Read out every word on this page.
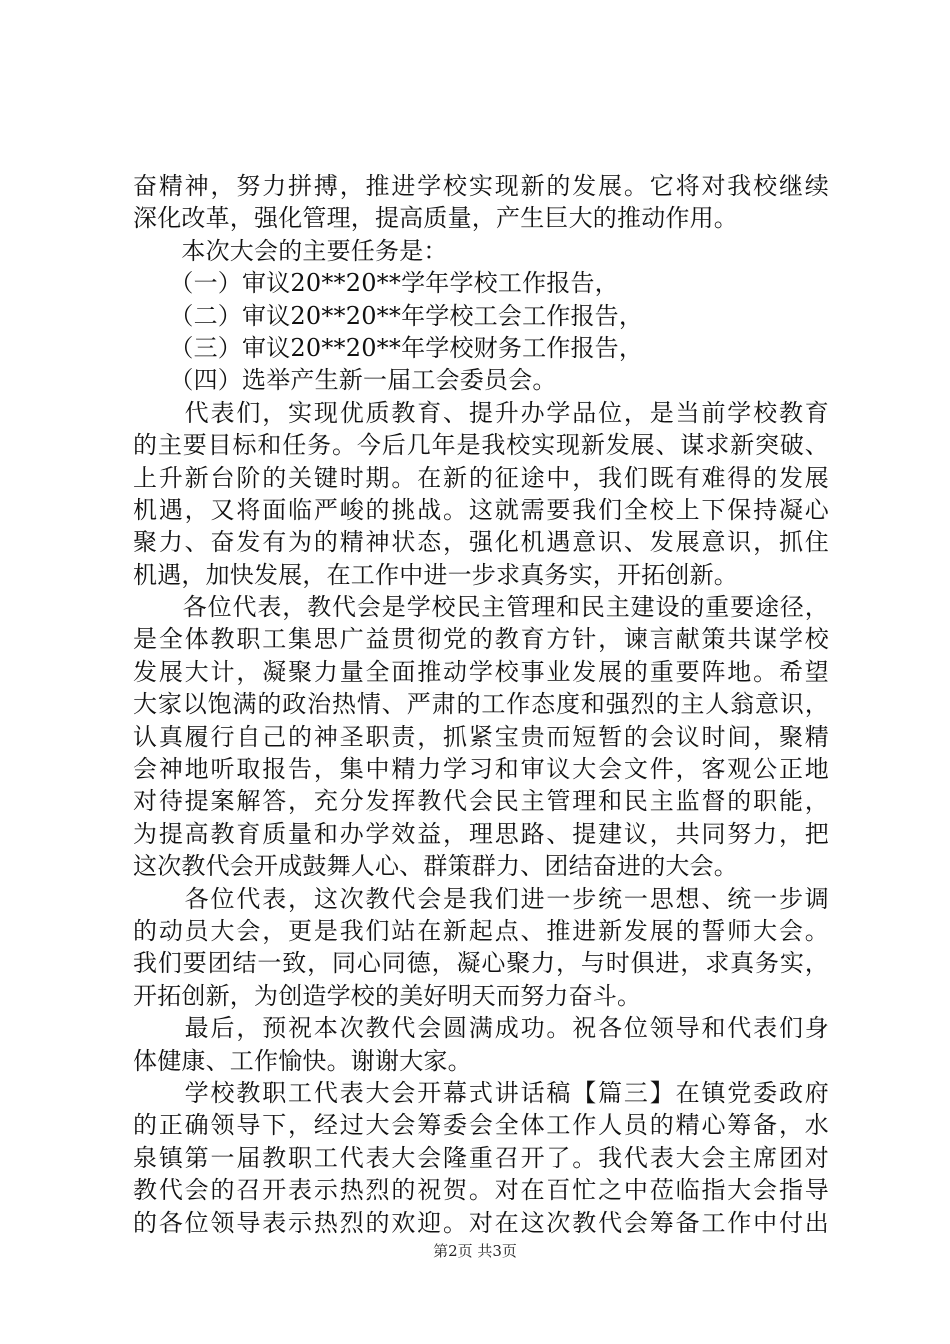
奋精神，努力拼搏，推进学校实现新的发展。它将对我校继续
深化改革，强化管理，提高质量，产生巨大的推动作用。
　　本次大会的主要任务是：
　　（一）审议20**20**学年学校工作报告，
　　（二）审议20**20**年学校工会工作报告，
　　（三）审议20**20**年学校财务工作报告，
　　（四）选举产生新一届工会委员会。
　　代表们，实现优质教育、提升办学品位，是当前学校教育
的主要目标和任务。今后几年是我校实现新发展、谋求新突破、
上升新台阶的关键时期。在新的征途中，我们既有难得的发展
机遇，又将面临严峻的挑战。这就需要我们全校上下保持凝心
聚力、奋发有为的精神状态，强化机遇意识、发展意识，抓住
机遇，加快发展，在工作中进一步求真务实，开拓创新。
　　各位代表，教代会是学校民主管理和民主建设的重要途径，
是全体教职工集思广益贯彻党的教育方针，谏言献策共谋学校
发展大计，凝聚力量全面推动学校事业发展的重要阵地。希望
大家以饱满的政治热情、严肃的工作态度和强烈的主人翁意识，
认真履行自己的神圣职责，抓紧宝贵而短暂的会议时间，聚精
会神地听取报告，集中精力学习和审议大会文件，客观公正地
对待提案解答，充分发挥教代会民主管理和民主监督的职能，
为提高教育质量和办学效益，理思路、提建议，共同努力，把
这次教代会开成鼓舞人心、群策群力、团结奋进的大会。
　　各位代表，这次教代会是我们进一步统一思想、统一步调
的动员大会，更是我们站在新起点、推进新发展的誓师大会。
我们要团结一致，同心同德，凝心聚力，与时俱进，求真务实，
开拓创新，为创造学校的美好明天而努力奋斗。
　　最后，预祝本次教代会圆满成功。祝各位领导和代表们身
体健康、工作愉快。谢谢大家。
　　学校教职工代表大会开幕式讲话稿【篇三】在镇党委政府
的正确领导下，经过大会筹委会全体工作人员的精心筹备，水
泉镇第一届教职工代表大会隆重召开了。我代表大会主席团对
教代会的召开表示热烈的祝贺。对在百忙之中莅临指大会指导
的各位领导表示热烈的欢迎。对在这次教代会筹备工作中付出
第2页 共3页
